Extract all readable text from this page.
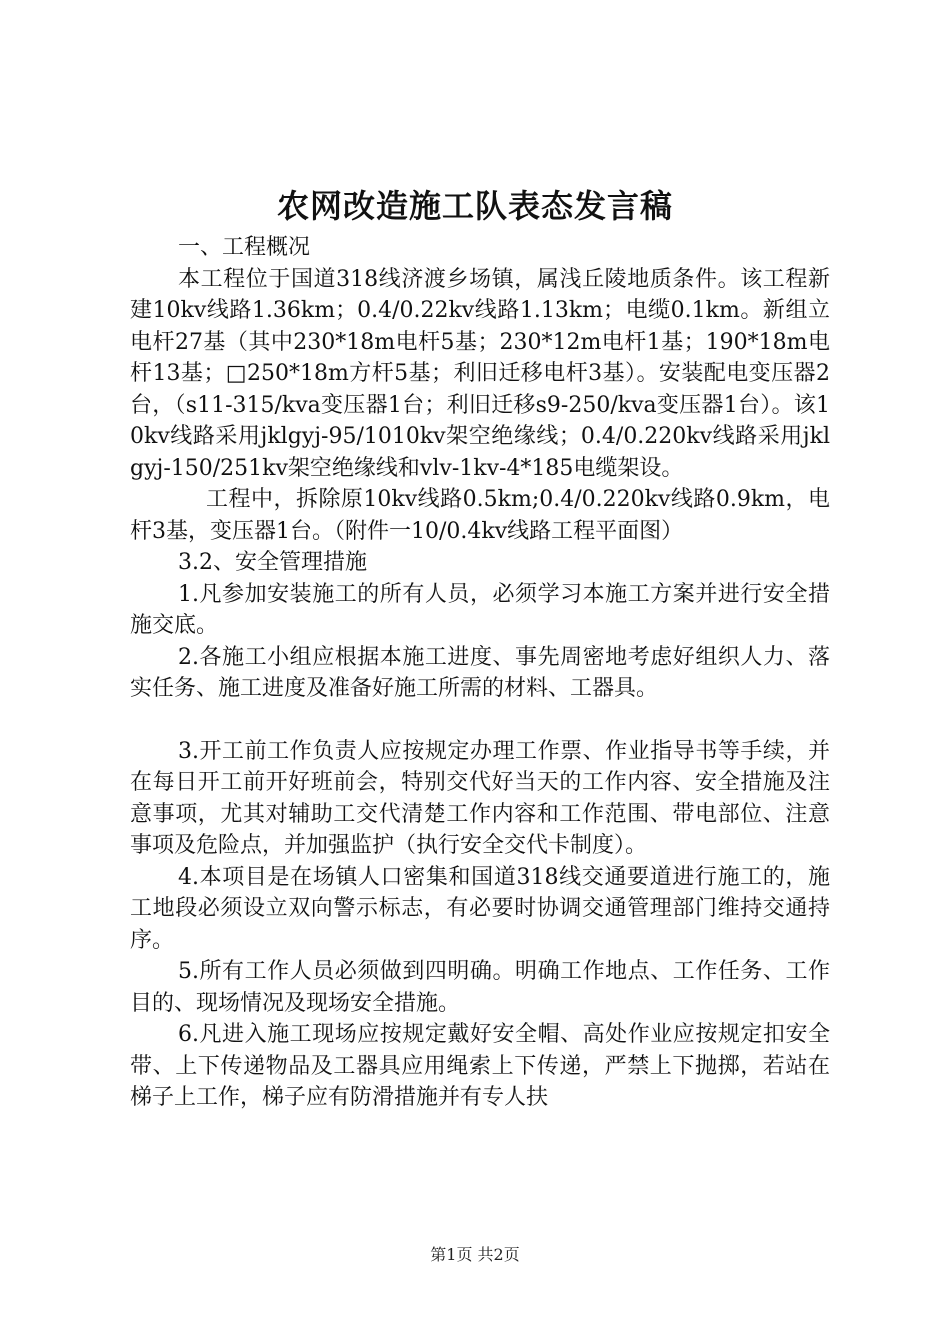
农网改造施工队表态发言稿

一、工程概况

本工程位于国道318线济渡乡场镇，属浅丘陵地质条件。该工程新建10kv线路1.36km；0.4/0.22kv线路1.13km；电缆0.1km。新组立电杆27基（其中230*18m电杆5基；230*12m电杆1基；190*18m电杆13基；□250*18m方杆5基；利旧迁移电杆3基）。安装配电变压器2台，（s11-315/kva变压器1台；利旧迁移s9-250/kva变压器1台）。该10kv线路采用jklgyj-95/1010kv架空绝缘线；0.4/0.220kv线路采用jklgyj-150/251kv架空绝缘线和vlv-1kv-4*185电缆架设。

工程中，拆除原10kv线路0.5km;0.4/0.220kv线路0.9km，电杆3基，变压器1台。（附件一10/0.4kv线路工程平面图）

3.2、安全管理措施

1.凡参加安装施工的所有人员，必须学习本施工方案并进行安全措施交底。

2.各施工小组应根据本施工进度、事先周密地考虑好组织人力、落实任务、施工进度及准备好施工所需的材料、工器具。

3.开工前工作负责人应按规定办理工作票、作业指导书等手续，并在每日开工前开好班前会，特别交代好当天的工作内容、安全措施及注意事项，尤其对辅助工交代清楚工作内容和工作范围、带电部位、注意事项及危险点，并加强监护（执行安全交代卡制度）。

4.本项目是在场镇人口密集和国道318线交通要道进行施工的，施工地段必须设立双向警示标志，有必要时协调交通管理部门维持交通持序。

5.所有工作人员必须做到四明确。明确工作地点、工作任务、工作目的、现场情况及现场安全措施。

6.凡进入施工现场应按规定戴好安全帽、高处作业应按规定扣安全带、上下传递物品及工器具应用绳索上下传递，严禁上下抛掷，若站在梯子上工作，梯子应有防滑措施并有专人扶

第1页 共2页
